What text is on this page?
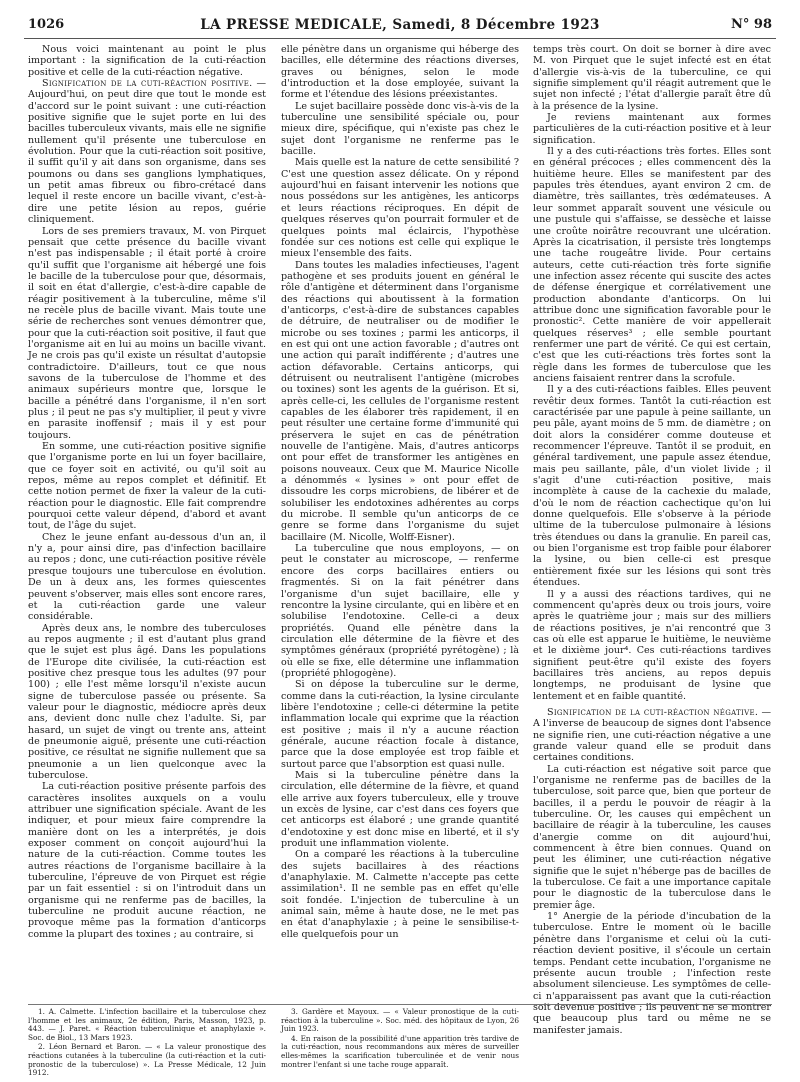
1026	LA PRESSE MEDICALE, Samedi, 8 Décembre 1923	N° 98

Nous voici maintenant au point le plus important : la signification de la cuti-réaction positive et celle de la cuti-réaction négative.

Signification de la cuti-réaction positive. — Aujourd'hui, on peut dire que tout le monde est d'accord sur le point suivant : une cuti-réaction positive signifie que le sujet porte en lui des bacilles tuberculeux vivants, mais elle ne signifie nullement qu'il présente une tuberculose en évolution. Pour que la cuti-réaction soit positive, il suffit qu'il y ait dans son organisme, dans ses poumons ou dans ses ganglions lymphatiques, un petit amas fibreux ou fibro-crétacé dans lequel il reste encore un bacille vivant, c'est-à-dire une petite lésion au repos, guérie cliniquement.

Lors de ses premiers travaux, M. von Pirquet pensait que cette présence du bacille vivant n'est pas indispensable ; il était porté à croire qu'il suffit que l'organisme ait hébergé une fois le bacille de la tuberculose pour que, désormais, il soit en état d'allergie, c'est-à-dire capable de réagir positivement à la tuberculine, même s'il ne recèle plus de bacille vivant. Mais toute une série de recherches sont venues démontrer que, pour que la cuti-réaction soit positive, il faut que l'organisme ait en lui au moins un bacille vivant. Je ne crois pas qu'il existe un résultat d'autopsie contradictoire. D'ailleurs, tout ce que nous savons de la tuberculose de l'homme et des animaux supérieurs montre que, lorsque le bacille a pénétré dans l'organisme, il n'en sort plus ; il peut ne pas s'y multiplier, il peut y vivre en parasite inoffensif ; mais il y est pour toujours.

En somme, une cuti-réaction positive signifie que l'organisme porte en lui un foyer bacillaire, que ce foyer soit en activité, ou qu'il soit au repos, même au repos complet et définitif. Et cette notion permet de fixer la valeur de la cuti-réaction pour le diagnostic. Elle fait comprendre pourquoi cette valeur dépend, d'abord et avant tout, de l'âge du sujet.

Chez le jeune enfant au-dessous d'un an, il n'y a, pour ainsi dire, pas d'infection bacillaire au repos ; donc, une cuti-réaction positive révèle presque toujours une tuberculose en évolution. De un à deux ans, les formes quiescentes peuvent s'observer, mais elles sont encore rares, et la cuti-réaction garde une valeur considérable.

Après deux ans, le nombre des tuberculoses au repos augmente ; il est d'autant plus grand que le sujet est plus âgé. Dans les populations de l'Europe dite civilisée, la cuti-réaction est positive chez presque tous les adultes (97 pour 100) ; elle l'est même lorsqu'il n'existe aucun signe de tuberculose passée ou présente. Sa valeur pour le diagnostic, médiocre après deux ans, devient donc nulle chez l'adulte. Si, par hasard, un sujet de vingt ou trente ans, atteint de pneumonie aiguë, présente une cuti-réaction positive, ce résultat ne signifie nullement que sa pneumonie a un lien quelconque avec la tuberculose.

La cuti-réaction positive présente parfois des caractères insolites auxquels on a voulu attribuer une signification spéciale. Avant de les indiquer, et pour mieux faire comprendre la manière dont on les a interprétés, je dois exposer comment on conçoit aujourd'hui la nature de la cuti-réaction. Comme toutes les autres réactions de l'organisme bacillaire à la tuberculine, l'épreuve de von Pirquet est régie par un fait essentiel : si on l'introduit dans un organisme qui ne renferme pas de bacilles, la tuberculine ne produit aucune réaction, ne provoque même pas la formation d'anticorps comme la plupart des toxines ; au contraire, si

elle pénètre dans un organisme qui héberge des bacilles, elle détermine des réactions diverses, graves ou bénignes, selon le mode d'introduction et la dose employée, suivant la forme et l'étendue des lésions préexistantes.

Le sujet bacillaire possède donc vis-à-vis de la tuberculine une sensibilité spéciale ou, pour mieux dire, spécifique, qui n'existe pas chez le sujet dont l'organisme ne renferme pas le bacille.

Mais quelle est la nature de cette sensibilité ? C'est une question assez délicate. On y répond aujourd'hui en faisant intervenir les notions que nous possédons sur les antigènes, les anticorps et leurs réactions réciproques. En dépit de quelques réserves qu'on pourrait formuler et de quelques points mal éclaircis, l'hypothèse fondée sur ces notions est celle qui explique le mieux l'ensemble des faits.

Dans toutes les maladies infectieuses, l'agent pathogène et ses produits jouent en général le rôle d'antigène et déterminent dans l'organisme des réactions qui aboutissent à la formation d'anticorps, c'est-à-dire de substances capables de détruire, de neutraliser ou de modifier le microbe ou ses toxines ; parmi les anticorps, il en est qui ont une action favorable ; d'autres ont une action qui paraît indifférente ; d'autres une action défavorable. Certains anticorps, qui détruisent ou neutralisent l'antigène (microbes ou toxines) sont les agents de la guérison. Et si, après celle-ci, les cellules de l'organisme restent capables de les élaborer très rapidement, il en peut résulter une certaine forme d'immunité qui préservera le sujet en cas de pénétration nouvelle de l'antigène. Mais, d'autres anticorps ont pour effet de transformer les antigènes en poisons nouveaux. Ceux que M. Maurice Nicolle a dénommés « lysines » ont pour effet de dissoudre les corps microbiens, de libérer et de solubiliser les endotoxines adhérentes au corps du microbe. Il semble qu'un anticorps de ce genre se forme dans l'organisme du sujet bacillaire (M. Nicolle, Wolff-Eisner).

La tuberculine que nous employons, — on peut le constater au microscope, — renferme encore des corps bacillaires entiers ou fragmentés. Si on la fait pénétrer dans l'organisme d'un sujet bacillaire, elle y rencontre la lysine circulante, qui en libère et en solubilise l'endotoxine. Celle-ci a deux propriétés. Quand elle pénètre dans la circulation elle détermine de la fièvre et des symptômes généraux (propriété pyrétogène) ; là où elle se fixe, elle détermine une inflammation (propriété phlogogène).

Si on dépose la tuberculine sur le derme, comme dans la cuti-réaction, la lysine circulante libère l'endotoxine ; celle-ci détermine la petite inflammation locale qui exprime que la réaction est positive ; mais il n'y a aucune réaction générale, aucune réaction focale à distance, parce que la dose employée est trop faible et surtout parce que l'absorption est quasi nulle.

Mais si la tuberculine pénètre dans la circulation, elle détermine de la fièvre, et quand elle arrive aux foyers tuberculeux, elle y trouve un excès de lysine, car c'est dans ces foyers que cet anticorps est élaboré ; une grande quantité d'endotoxine y est donc mise en liberté, et il s'y produit une inflammation violente.

On a comparé les réactions à la tuberculine des sujets bacillaires à des réactions d'anaphylaxie. M. Calmette n'accepte pas cette assimilation¹. Il ne semble pas en effet qu'elle soit fondée. L'injection de tuberculine à un animal sain, même à haute dose, ne le met pas en état d'anaphylaxie ; à peine le sensibilise-t-elle quelquefois pour un

temps très court. On doit se borner à dire avec M. von Pirquet que le sujet infecté est en état d'allergie vis-à-vis de la tuberculine, ce qui signifie simplement qu'il réagit autrement que le sujet non infecté ; l'état d'allergie paraît être dû à la présence de la lysine.

Je reviens maintenant aux formes particulières de la cuti-réaction positive et à leur signification.

Il y a des cuti-réactions très fortes. Elles sont en général précoces ; elles commencent dès la huitième heure. Elles se manifestent par des papules très étendues, ayant environ 2 cm. de diamètre, très saillantes, très œdémateuses. A leur sommet apparaît souvent une vésicule ou une pustule qui s'affaisse, se dessèche et laisse une croûte noirâtre recouvrant une ulcération. Après la cicatrisation, il persiste très longtemps une tache rougeâtre livide. Pour certains auteurs, cette cuti-réaction très forte signifie une infection assez récente qui suscite des actes de défense énergique et corrélativement une production abondante d'anticorps. On lui attribue donc une signification favorable pour le pronostic². Cette manière de voir appellerait quelques réserves³ ; elle semble pourtant renfermer une part de vérité. Ce qui est certain, c'est que les cuti-réactions très fortes sont la règle dans les formes de tuberculose que les anciens faisaient rentrer dans la scrofule.

Il y a des cuti-réactions faibles. Elles peuvent revêtir deux formes. Tantôt la cuti-réaction est caractérisée par une papule à peine saillante, un peu pâle, ayant moins de 5 mm. de diamètre ; on doit alors la considérer comme douteuse et recommencer l'épreuve. Tantôt il se produit, en général tardivement, une papule assez étendue, mais peu saillante, pâle, d'un violet livide ; il s'agit d'une cuti-réaction positive, mais incomplète à cause de la cachexie du malade, d'où le nom de réaction cachectique qu'on lui donne quelquefois. Elle s'observe à la période ultime de la tuberculose pulmonaire à lésions très étendues ou dans la granulie. En pareil cas, ou bien l'organisme est trop faible pour élaborer la lysine, ou bien celle-ci est presque entièrement fixée sur les lésions qui sont très étendues.

Il y a aussi des réactions tardives, qui ne commencent qu'après deux ou trois jours, voire après le quatrième jour ; mais sur des milliers de réactions positives, je n'ai rencontré que 3 cas où elle est apparue le huitième, le neuvième et le dixième jour⁴. Ces cuti-réactions tardives signifient peut-être qu'il existe des foyers bacillaires très anciens, au repos depuis longtemps, ne produisant de lysine que lentement et en faible quantité.

Signification de la cuti-réaction négative. — A l'inverse de beaucoup de signes dont l'absence ne signifie rien, une cuti-réaction négative a une grande valeur quand elle se produit dans certaines conditions.

La cuti-réaction est négative soit parce que l'organisme ne renferme pas de bacilles de la tuberculose, soit parce que, bien que porteur de bacilles, il a perdu le pouvoir de réagir à la tuberculine. Or, les causes qui empêchent un bacillaire de réagir à la tuberculine, les causes d'anergie comme on dit aujourd'hui, commencent à être bien connues. Quand on peut les éliminer, une cuti-réaction négative signifie que le sujet n'héberge pas de bacilles de la tuberculose. Ce fait a une importance capitale pour le diagnostic de la tuberculose dans le premier âge.

1° Anergie de la période d'incubation de la tuberculose. Entre le moment où le bacille pénètre dans l'organisme et celui où la cuti-réaction devient positive, il s'écoule un certain temps. Pendant cette incubation, l'organisme ne présente aucun trouble ; l'infection reste absolument silencieuse. Les symptômes de celle-ci n'apparaissent pas avant que la cuti-réaction soit devenue positive ; ils peuvent ne se montrer que beaucoup plus tard ou même ne se manifester jamais.

1. A. Calmette. L'infection bacillaire et la tuberculose chez l'homme et les animaux, 2e édition, Paris, Masson, 1923, p. 443. — J. Paret. « Réaction tuberculinique et anaphylaxie ». Soc. de Biol., 13 Mars 1923.

2. Léon Bernard et Baron. — « La valeur pronostique des réactions cutanées à la tuberculine (la cuti-réaction et la cuti-pronostic de la tuberculose) ». La Presse Médicale, 12 Juin 1912.

3. Gardère et Mayoux. — « Valeur pronostique de la cuti-réaction à la tuberculine ». Soc. méd. des hôpitaux de Lyon, 26 Juin 1923.

4. En raison de la possibilité d'une apparition très tardive de la cuti-réaction, nous recommandons aux mères de surveiller elles-mêmes la scarification tuberculinée et de venir nous montrer l'enfant si une tache rouge apparaît.
